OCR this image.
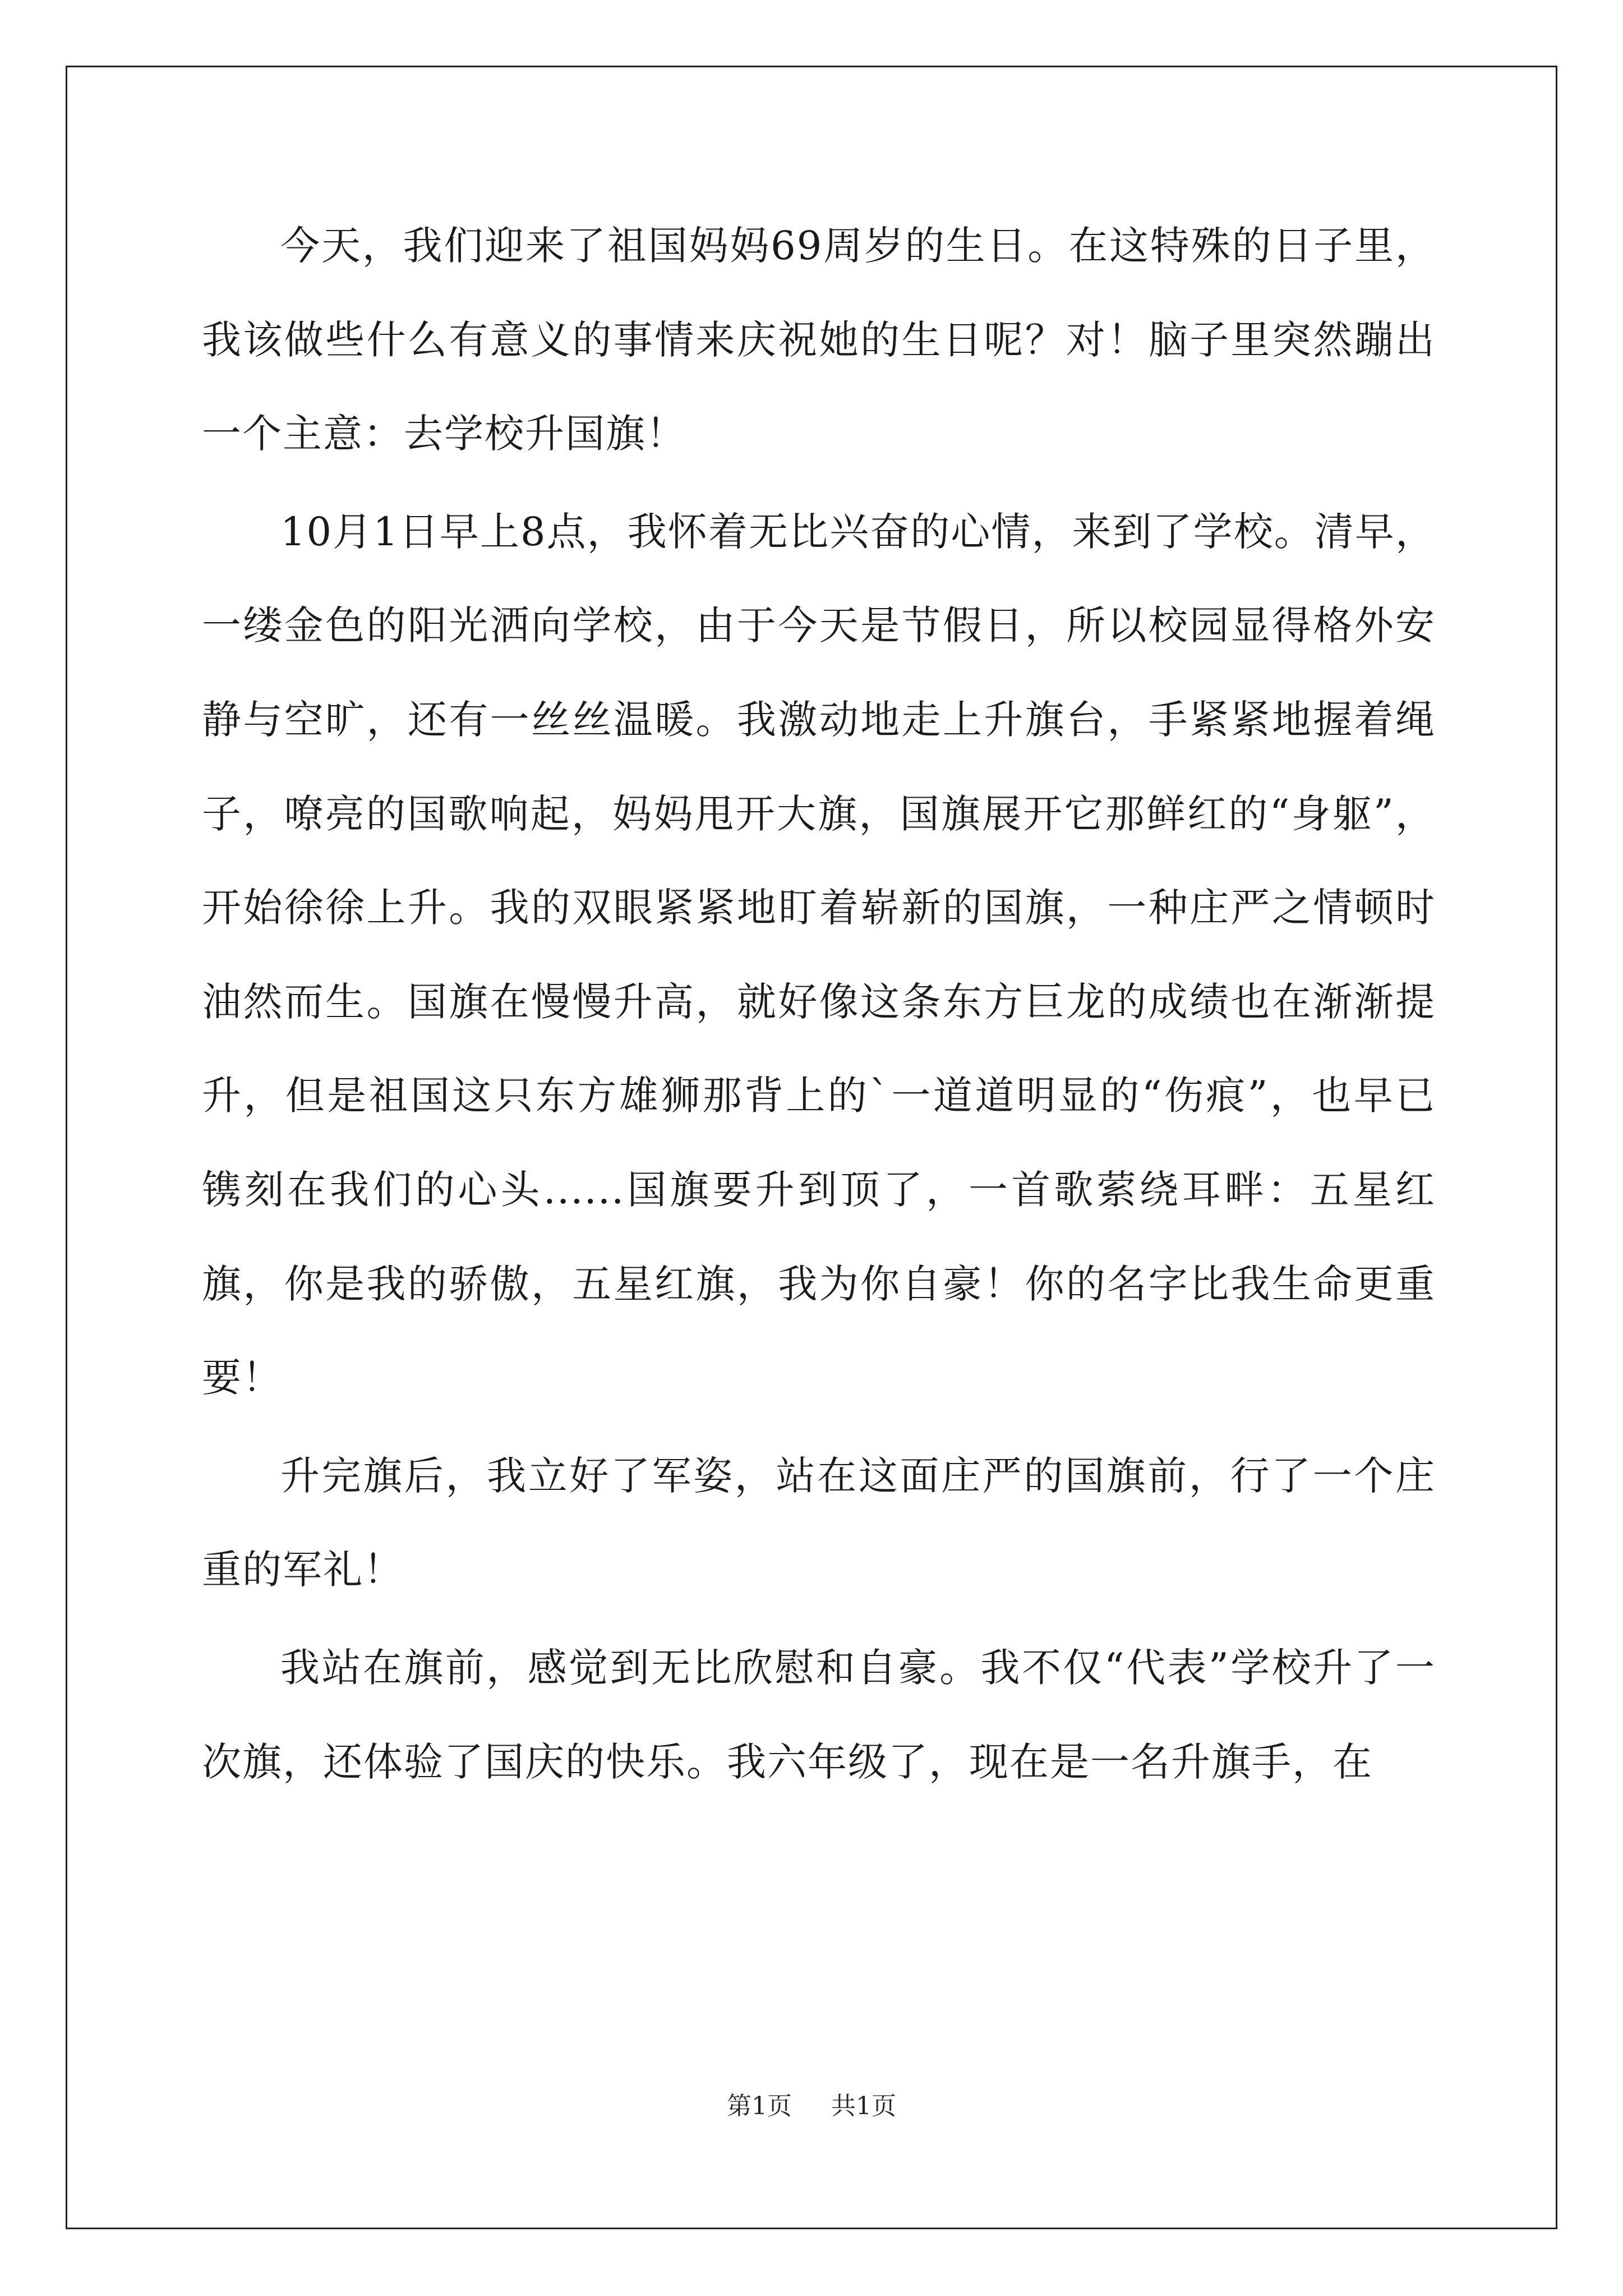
今天，我们迎来了祖国妈妈69周岁的生日。在这特殊的日子里，我该做些什么有意义的事情来庆祝她的生日呢？对！脑子里突然蹦出一个主意：去学校升国旗！

10月1日早上8点，我怀着无比兴奋的心情，来到了学校。清早，一缕金色的阳光洒向学校，由于今天是节假日，所以校园显得格外安静与空旷，还有一丝丝温暖。我激动地走上升旗台，手紧紧地握着绳子，嘹亮的国歌响起，妈妈甩开大旗，国旗展开它那鲜红的“身躯”，开始徐徐上升。我的双眼紧紧地盯着崭新的国旗，一种庄严之情顿时油然而生。国旗在慢慢升高，就好像这条东方巨龙的成绩也在渐渐提升，但是祖国这只东方雄狮那背上的`一道道明显的“伤痕”，也早已镌刻在我们的心头......国旗要升到顶了，一首歌萦绕耳畔：五星红旗，你是我的骄傲，五星红旗，我为你自豪！你的名字比我生命更重要！

升完旗后，我立好了军姿，站在这面庄严的国旗前，行了一个庄重的军礼！

我站在旗前，感觉到无比欣慰和自豪。我不仅“代表”学校升了一次旗，还体验了国庆的快乐。我六年级了，现在是一名升旗手，在

第1页 共1页
